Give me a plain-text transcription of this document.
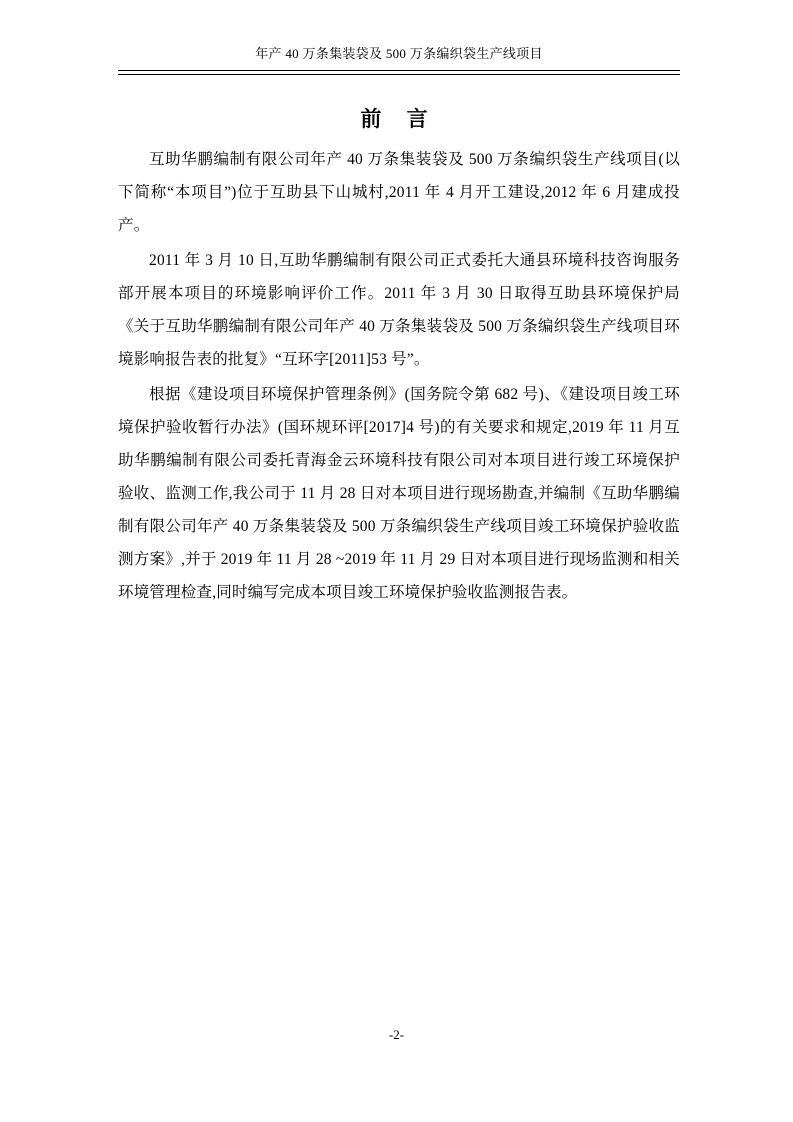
年产 40 万条集装袋及 500 万条编织袋生产线项目
前 言

互助华鹏编制有限公司年产 40 万条集装袋及 500 万条编织袋生产线项目(以下简称“本项目”)位于互助县下山城村,2011 年 4 月开工建设,2012 年 6 月建成投产。

2011 年 3 月 10 日,互助华鹏编制有限公司正式委托大通县环境科技咨询服务部开展本项目的环境影响评价工作。2011 年 3 月 30 日取得互助县环境保护局《关于互助华鹏编制有限公司年产 40 万条集装袋及 500 万条编织袋生产线项目环境影响报告表的批复》“互环字[2011]53 号”。

根据《建设项目环境保护管理条例》(国务院令第 682 号)、《建设项目竣工环境保护验收暂行办法》(国环规环评[2017]4 号)的有关要求和规定,2019 年 11 月互助华鹏编制有限公司委托青海金云环境科技有限公司对本项目进行竣工环境保护验收、监测工作,我公司于 11 月 28 日对本项目进行现场勘查,并编制《互助华鹏编制有限公司年产 40 万条集装袋及 500 万条编织袋生产线项目竣工环境保护验收监测方案》,并于 2019 年 11 月 28 ~2019 年 11 月 29 日对本项目进行现场监测和相关环境管理检查,同时编写完成本项目竣工环境保护验收监测报告表。

-2-
